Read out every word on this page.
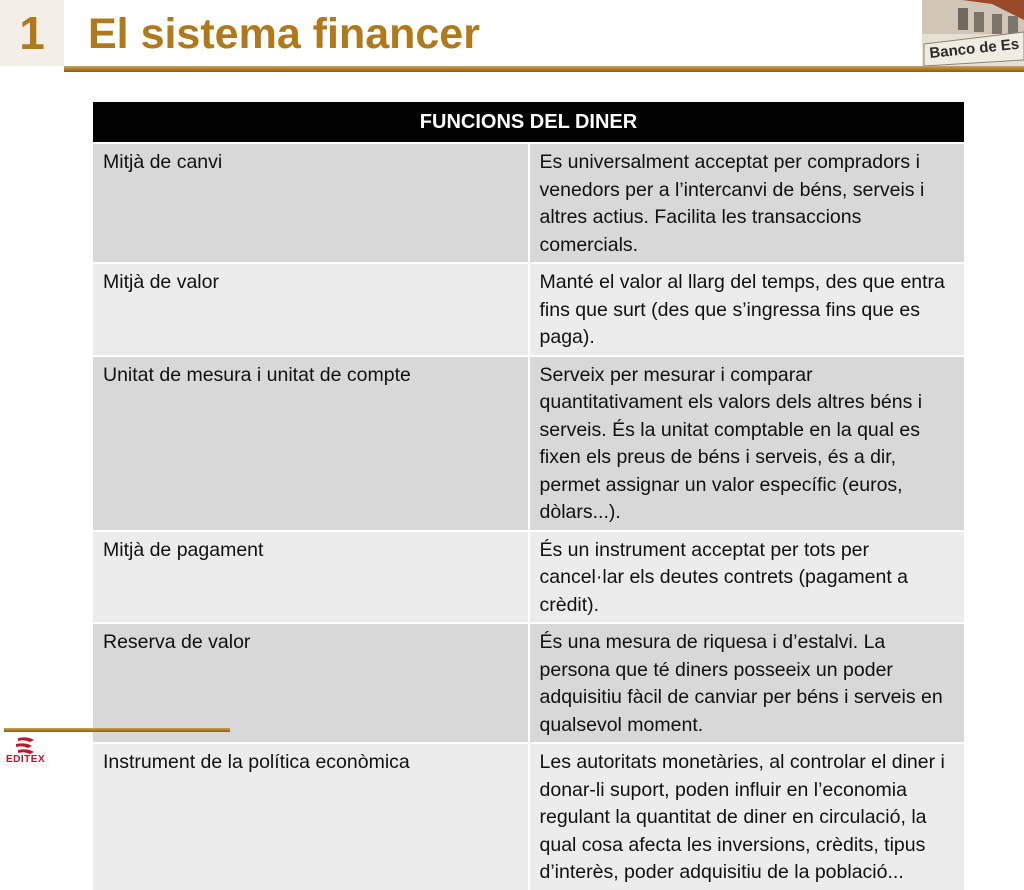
1 El sistema financer	Banco de Es
FUNCIONS DEL DINER	
Mitjà de canvi	Es universalment acceptat per compradors i venedors per a l’intercanvi de béns, serveis i altres actius. Facilita les transaccions comercials.
Mitjà de valor	Manté el valor al llarg del temps, des que entra fins que surt (des que s’ingressa fins que es paga).
Unitat de mesura i unitat de compte	Serveix per mesurar i comparar quantitativament els valors dels altres béns i serveis. És la unitat comptable en la qual es fixen els preus de béns i serveis, és a dir, permet assignar un valor específic (euros, dòlars...).
Mitjà de pagament	És un instrument acceptat per tots per cancel·lar els deutes contrets (pagament a crèdit).
Reserva de valor	És una mesura de riquesa i d’estalvi. La persona que té diners posseeix un poder adquisitiu fàcil de canviar per béns i serveis en qualsevol moment.
Instrument de la política econòmica	Les autoritats monetàries, al controlar el diner i donar-li suport, poden influir en l’economia regulant la quantitat de diner en circulació, la qual cosa afecta les inversions, crèdits, tipus d’interès, poder adquisitiu de la població...
EDITEX
